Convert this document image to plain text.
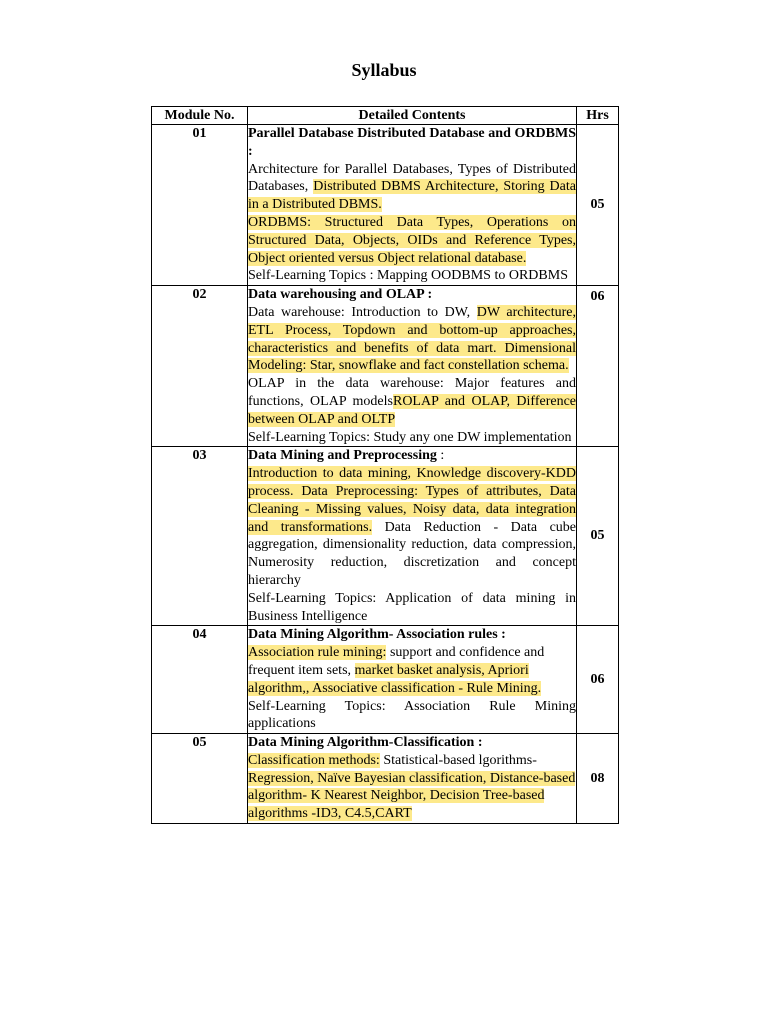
Syllabus
Module No.	Detailed Contents	Hrs
01	Parallel Database Distributed Database and ORDBMS :
Architecture for Parallel Databases, Types of Distributed Databases, Distributed DBMS Architecture, Storing Data in a Distributed DBMS.
ORDBMS: Structured Data Types, Operations on Structured Data, Objects, OIDs and Reference Types, Object oriented versus Object relational database.
Self-Learning Topics : Mapping OODBMS to ORDBMS	05
02	Data warehousing and OLAP :
Data warehouse: Introduction to DW, DW architecture, ETL Process, Topdown and bottom-up approaches, characteristics and benefits of data mart. Dimensional Modeling: Star, snowflake and fact constellation schema.
OLAP in the data warehouse: Major features and functions, OLAP modelsROLAP and OLAP, Difference between OLAP and OLTP
Self-Learning Topics: Study any one DW implementation	06
03	Data Mining and Preprocessing :
Introduction to data mining, Knowledge discovery-KDD process. Data Preprocessing: Types of attributes, Data Cleaning - Missing values, Noisy data, data integration and transformations. Data Reduction - Data cube aggregation, dimensionality reduction, data compression, Numerosity reduction, discretization and concept hierarchy
Self-Learning Topics: Application of data mining in Business Intelligence	05
04	Data Mining Algorithm- Association rules :
Association rule mining: support and confidence and frequent item sets, market basket analysis, Apriori algorithm,, Associative classification - Rule Mining.
Self-Learning Topics: Association Rule Mining applications	06
05	Data Mining Algorithm-Classification :
Classification methods: Statistical-based lgorithms-Regression, Naïve Bayesian classification, Distance-based algorithm- K Nearest Neighbor, Decision Tree-based algorithms -ID3, C4.5,CART	08
